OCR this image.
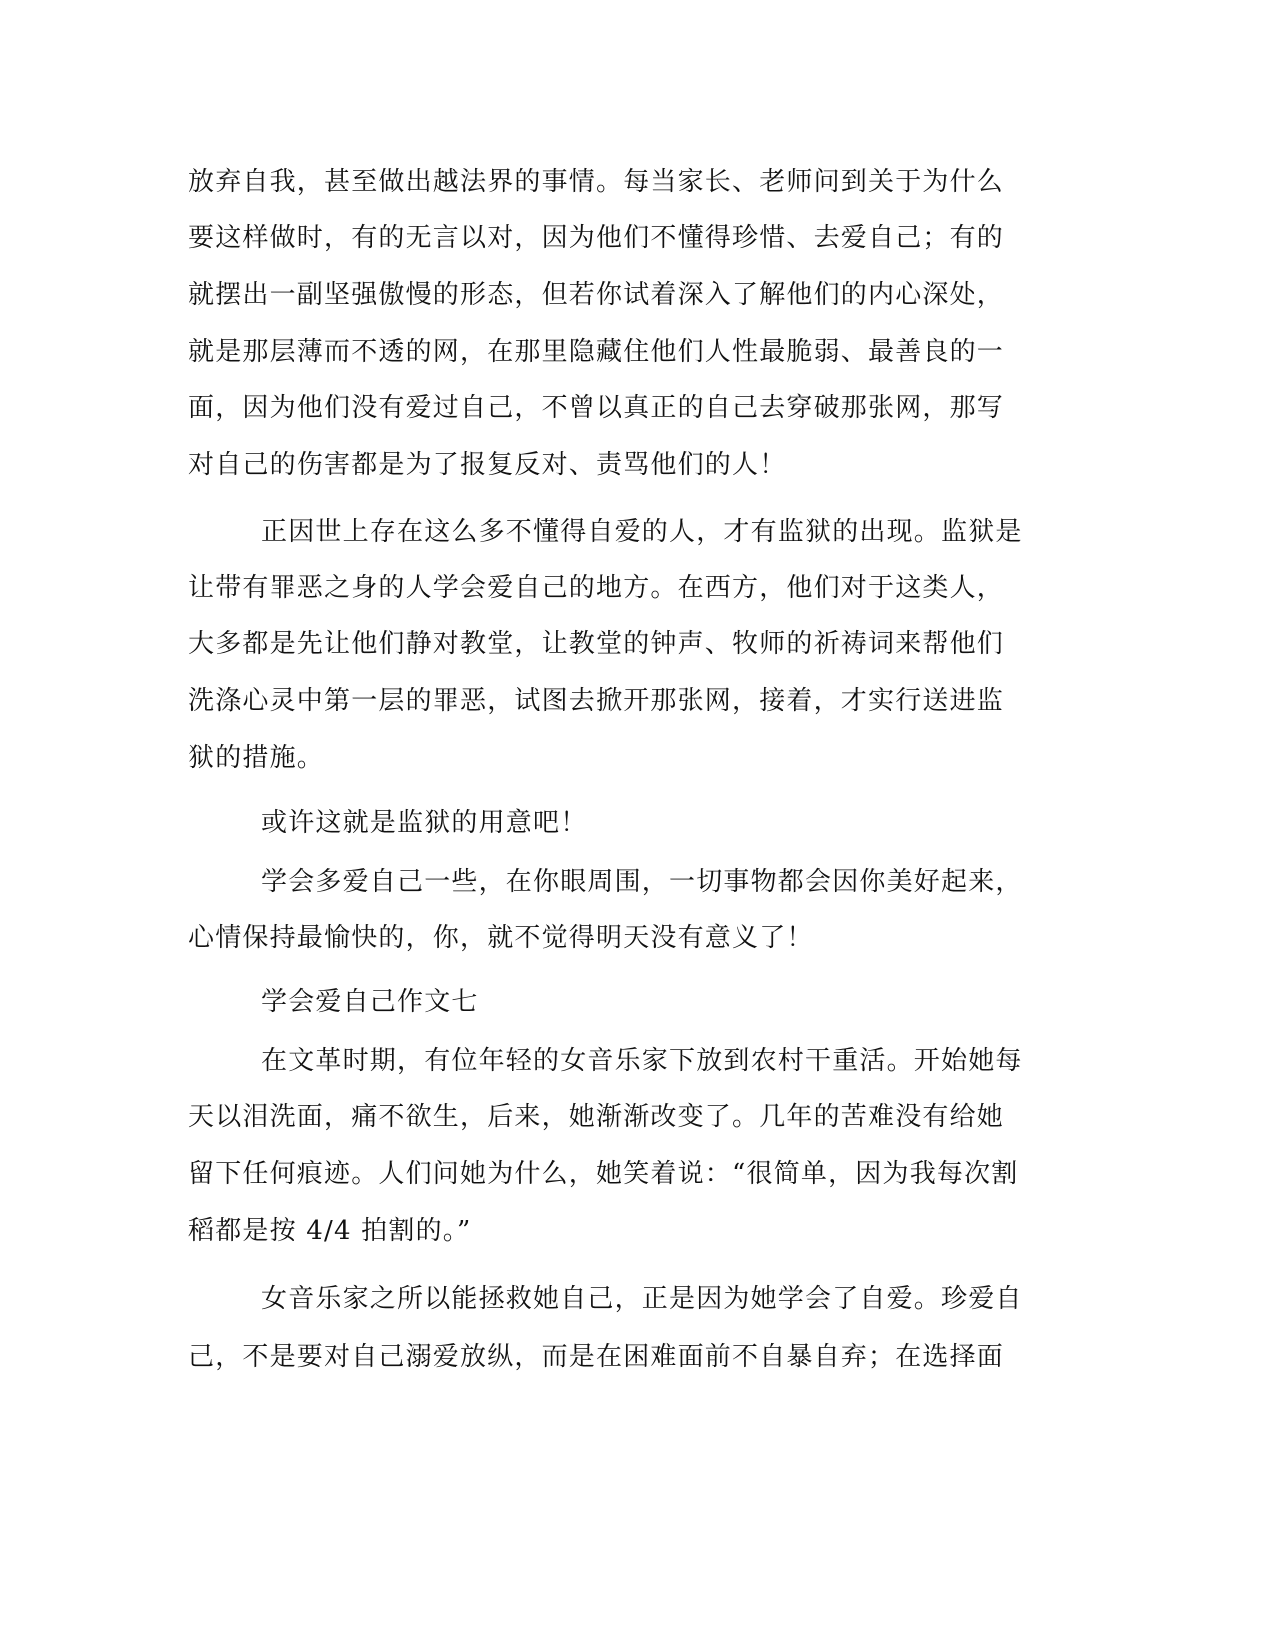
放弃自我，甚至做出越法界的事情。每当家长、老师问到关于为什么
要这样做时，有的无言以对，因为他们不懂得珍惜、去爱自己；有的
就摆出一副坚强傲慢的形态，但若你试着深入了解他们的内心深处，
就是那层薄而不透的网，在那里隐藏住他们人性最脆弱、最善良的一
面，因为他们没有爱过自己，不曾以真正的自己去穿破那张网，那写
对自己的伤害都是为了报复反对、责骂他们的人！
正因世上存在这么多不懂得自爱的人，才有监狱的出现。监狱是
让带有罪恶之身的人学会爱自己的地方。在西方，他们对于这类人，
大多都是先让他们静对教堂，让教堂的钟声、牧师的祈祷词来帮他们
洗涤心灵中第一层的罪恶，试图去掀开那张网，接着，才实行送进监
狱的措施。
或许这就是监狱的用意吧！
学会多爱自己一些，在你眼周围，一切事物都会因你美好起来，
心情保持最愉快的，你，就不觉得明天没有意义了！
学会爱自己作文七
在文革时期，有位年轻的女音乐家下放到农村干重活。开始她每
天以泪洗面，痛不欲生，后来，她渐渐改变了。几年的苦难没有给她
留下任何痕迹。人们问她为什么，她笑着说：“很简单，因为我每次割
稻都是按 4/4 拍割的。”
女音乐家之所以能拯救她自己，正是因为她学会了自爱。珍爱自
己，不是要对自己溺爱放纵，而是在困难面前不自暴自弃；在选择面
